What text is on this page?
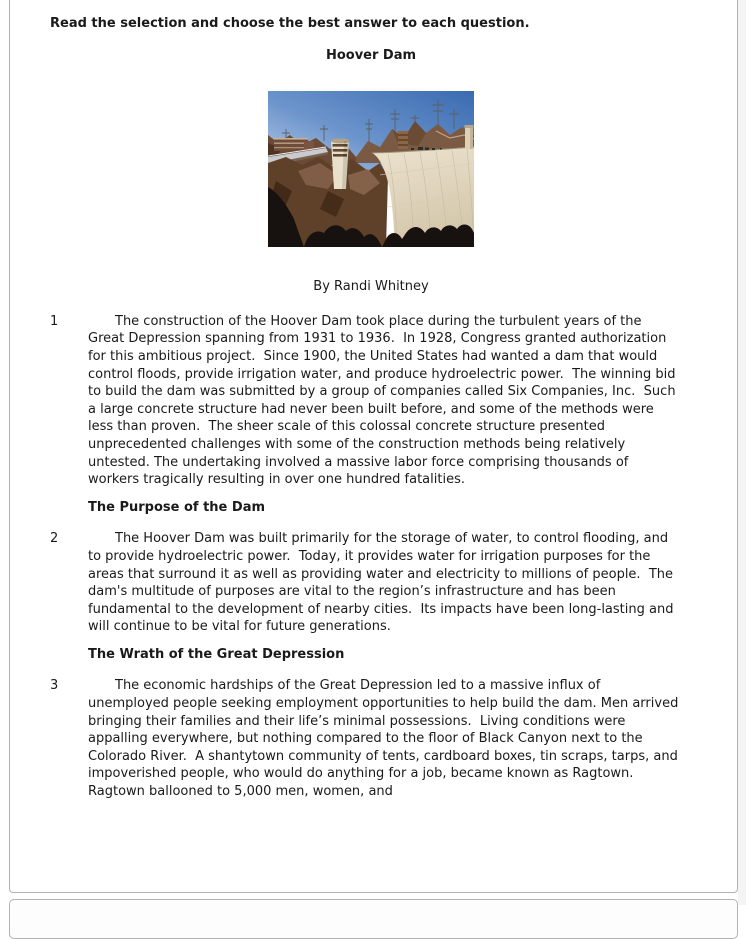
Read the selection and choose the best answer to each question.
Hoover Dam
By Randi Whitney
1	The construction of the Hoover Dam took place during the turbulent years of the Great Depression spanning from 1931 to 1936.  In 1928, Congress granted authorization for this ambitious project.  Since 1900, the United States had wanted a dam that would control floods, provide irrigation water, and produce hydroelectric power.  The winning bid to build the dam was submitted by a group of companies called Six Companies, Inc.  Such a large concrete structure had never been built before, and some of the methods were less than proven.  The sheer scale of this colossal concrete structure presented unprecedented challenges with some of the construction methods being relatively untested. The undertaking involved a massive labor force comprising thousands of workers tragically resulting in over one hundred fatalities.
The Purpose of the Dam
2	The Hoover Dam was built primarily for the storage of water, to control flooding, and to provide hydroelectric power.  Today, it provides water for irrigation purposes for the areas that surround it as well as providing water and electricity to millions of people.  The dam's multitude of purposes are vital to the region’s infrastructure and has been fundamental to the development of nearby cities.  Its impacts have been long-lasting and will continue to be vital for future generations.
The Wrath of the Great Depression
3	The economic hardships of the Great Depression led to a massive influx of unemployed people seeking employment opportunities to help build the dam. Men arrived bringing their families and their life’s minimal possessions.  Living conditions were appalling everywhere, but nothing compared to the floor of Black Canyon next to the Colorado River.  A shantytown community of tents, cardboard boxes, tin scraps, tarps, and impoverished people, who would do anything for a job, became known as Ragtown.  Ragtown ballooned to 5,000 men, women, and
